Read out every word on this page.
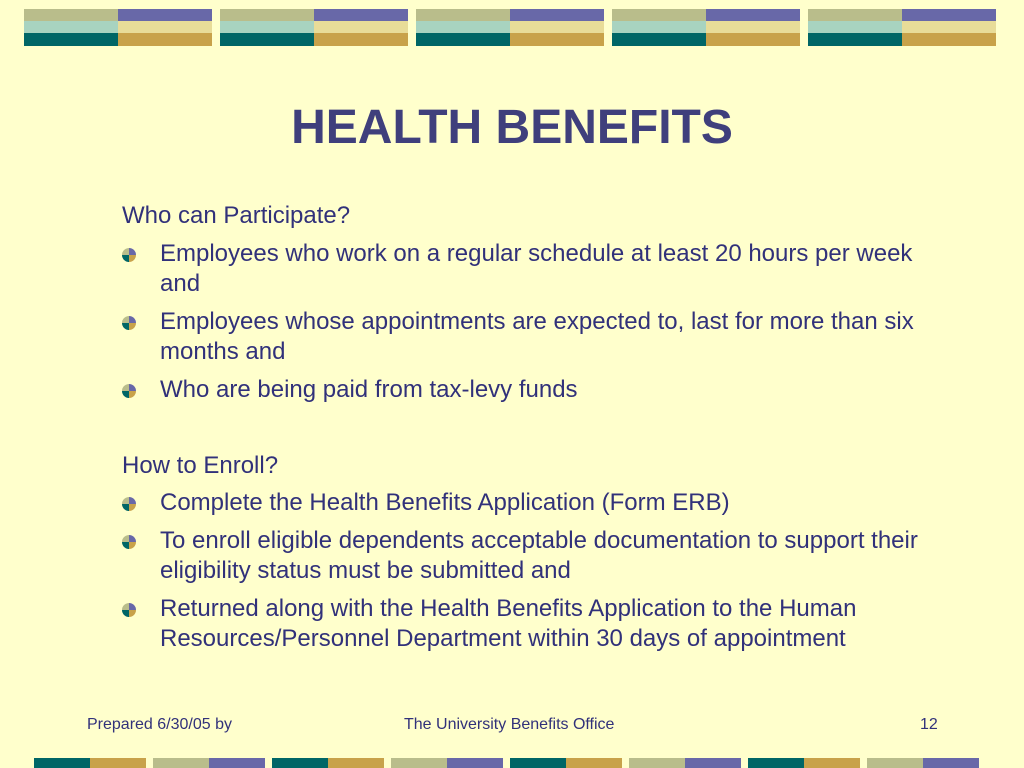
HEALTH BENEFITS
Who can Participate?
Employees who work on a regular schedule at least 20 hours per week and
Employees whose appointments are expected to, last for more than six months and
Who are being paid from tax-levy funds
How to Enroll?
Complete the Health Benefits Application (Form ERB)
To enroll eligible dependents acceptable documentation to support their eligibility status must be submitted and
Returned along with the Health Benefits Application to the Human Resources/Personnel Department within 30 days of appointment
Prepared 6/30/05 by	The University Benefits Office	12
